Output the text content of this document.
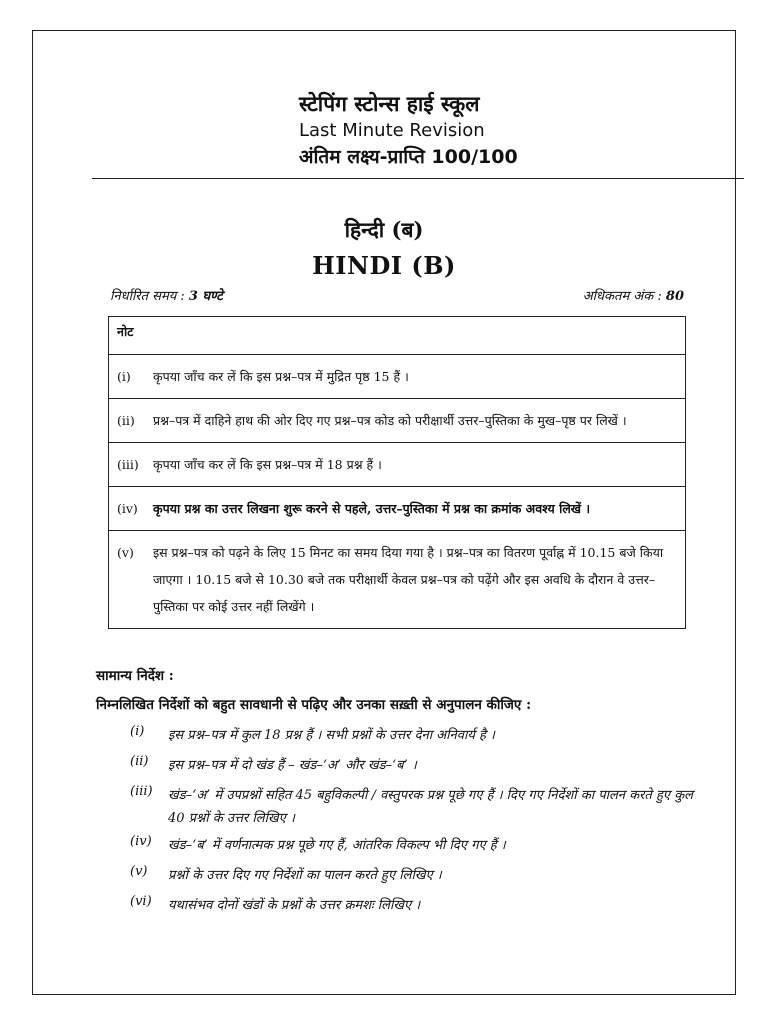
स्टेपिंग स्टोन्स हाई स्कूल
Last Minute Revision
अंतिम लक्ष्य-प्राप्ति 100/100
हिन्दी (ब)
HINDI (B)
निर्धारित समय : 3 घण्टे	अधिकतम अंक : 80
नोट
(i)	कृपया जाँच कर लें कि इस प्रश्न–पत्र में मुद्रित पृष्ठ 15 हैं ।
(ii)	प्रश्न–पत्र में दाहिने हाथ की ओर दिए गए प्रश्न–पत्र कोड को परीक्षार्थी उत्तर–पुस्तिका के मुख–पृष्ठ पर लिखें ।
(iii)	कृपया जाँच कर लें कि इस प्रश्न–पत्र में 18 प्रश्न हैं ।
(iv)	कृपया प्रश्न का उत्तर लिखना शुरू करने से पहले, उत्तर–पुस्तिका में प्रश्न का क्रमांक अवश्य लिखें ।
(v)	इस प्रश्न–पत्र को पढ़ने के लिए 15 मिनट का समय दिया गया है । प्रश्न–पत्र का वितरण पूर्वाह्न में 10.15 बजे किया जाएगा । 10.15 बजे से 10.30 बजे तक परीक्षार्थी केवल प्रश्न–पत्र को पढ़ेंगे और इस अवधि के दौरान वे उत्तर–पुस्तिका पर कोई उत्तर नहीं लिखेंगे ।
सामान्य निर्देश :
निम्नलिखित निर्देशों को बहुत सावधानी से पढ़िए और उनका सख़्ती से अनुपालन कीजिए :
(i)	इस प्रश्न–पत्र में कुल 18 प्रश्न हैं । सभी प्रश्नों के उत्तर देना अनिवार्य है ।
(ii)	इस प्रश्न–पत्र में दो खंड हैं – खंड–‘अ’ और खंड–‘ब’ ।
(iii)	खंड–‘अ’ में उपप्रश्नों सहित 45 बहुविकल्पी / वस्तुपरक प्रश्न पूछे गए हैं । दिए गए निर्देशों का पालन करते हुए कुल 40 प्रश्नों के उत्तर लिखिए ।
(iv)	खंड–‘ब’ में वर्णनात्मक प्रश्न पूछे गए हैं, आंतरिक विकल्प भी दिए गए हैं ।
(v)	प्रश्नों के उत्तर दिए गए निर्देशों का पालन करते हुए लिखिए ।
(vi)	यथासंभव दोनों खंडों के प्रश्नों के उत्तर क्रमशः लिखिए ।
